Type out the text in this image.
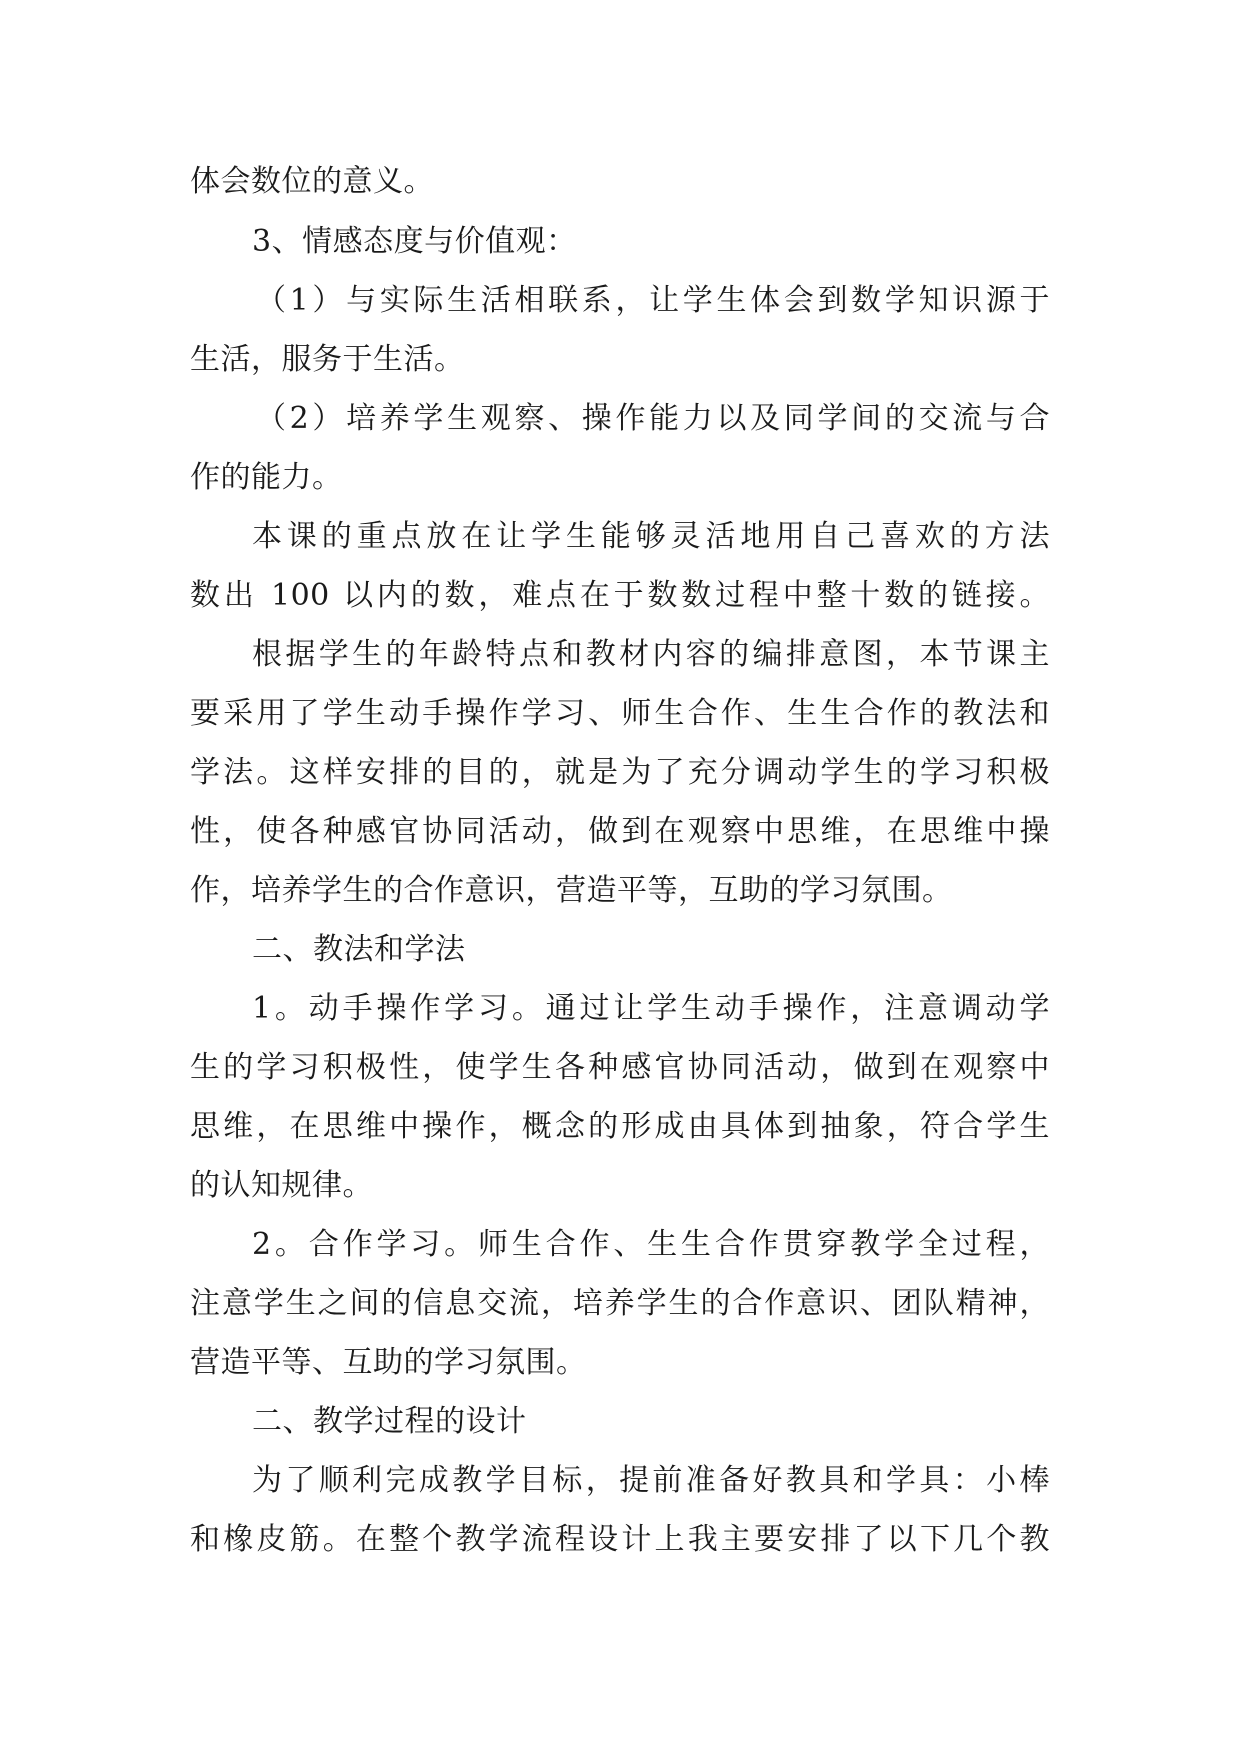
体会数位的意义。

3、情感态度与价值观：

（1）与实际生活相联系，让学生体会到数学知识源于

生活，服务于生活。

（2）培养学生观察、操作能力以及同学间的交流与合

作的能力。

本课的重点放在让学生能够灵活地用自己喜欢的方法

数出 100 以内的数，难点在于数数过程中整十数的链接。

根据学生的年龄特点和教材内容的编排意图，本节课主

要采用了学生动手操作学习、师生合作、生生合作的教法和

学法。这样安排的目的，就是为了充分调动学生的学习积极

性，使各种感官协同活动，做到在观察中思维，在思维中操

作，培养学生的合作意识，营造平等，互助的学习氛围。

二、教法和学法

1。动手操作学习。通过让学生动手操作，注意调动学

生的学习积极性，使学生各种感官协同活动，做到在观察中

思维，在思维中操作，概念的形成由具体到抽象，符合学生

的认知规律。

2。合作学习。师生合作、生生合作贯穿教学全过程，

注意学生之间的信息交流，培养学生的合作意识、团队精神，

营造平等、互助的学习氛围。

二、教学过程的设计

为了顺利完成教学目标，提前准备好教具和学具：小棒

和橡皮筋。在整个教学流程设计上我主要安排了以下几个教
